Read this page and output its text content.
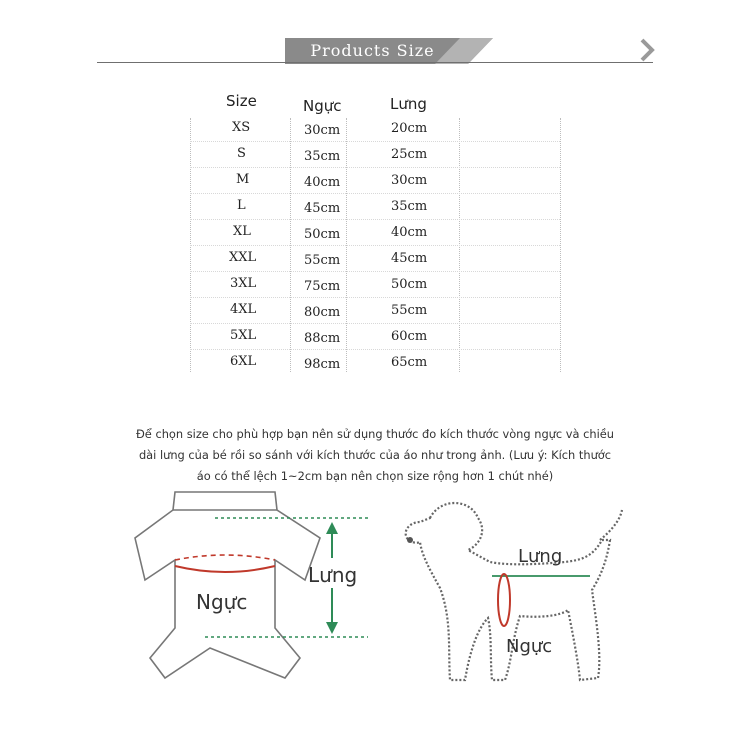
Products Size
Size	Ngực	Lưng
XS	30cm	20cm
S	35cm	25cm
M	40cm	30cm
L	45cm	35cm
XL	50cm	40cm
XXL	55cm	45cm
3XL	75cm	50cm
4XL	80cm	55cm
5XL	88cm	60cm
6XL	98cm	65cm
Để chọn size cho phù hợp bạn nên sử dụng thước đo kích thước vòng ngực và chiều
dài lưng của bé rồi so sánh với kích thước của áo như trong ảnh. (Lưu ý: Kích thước
áo có thể lệch 1~2cm bạn nên chọn size rộng hơn 1 chút nhé)
Lưng
Ngực
Lưng
Ngực
